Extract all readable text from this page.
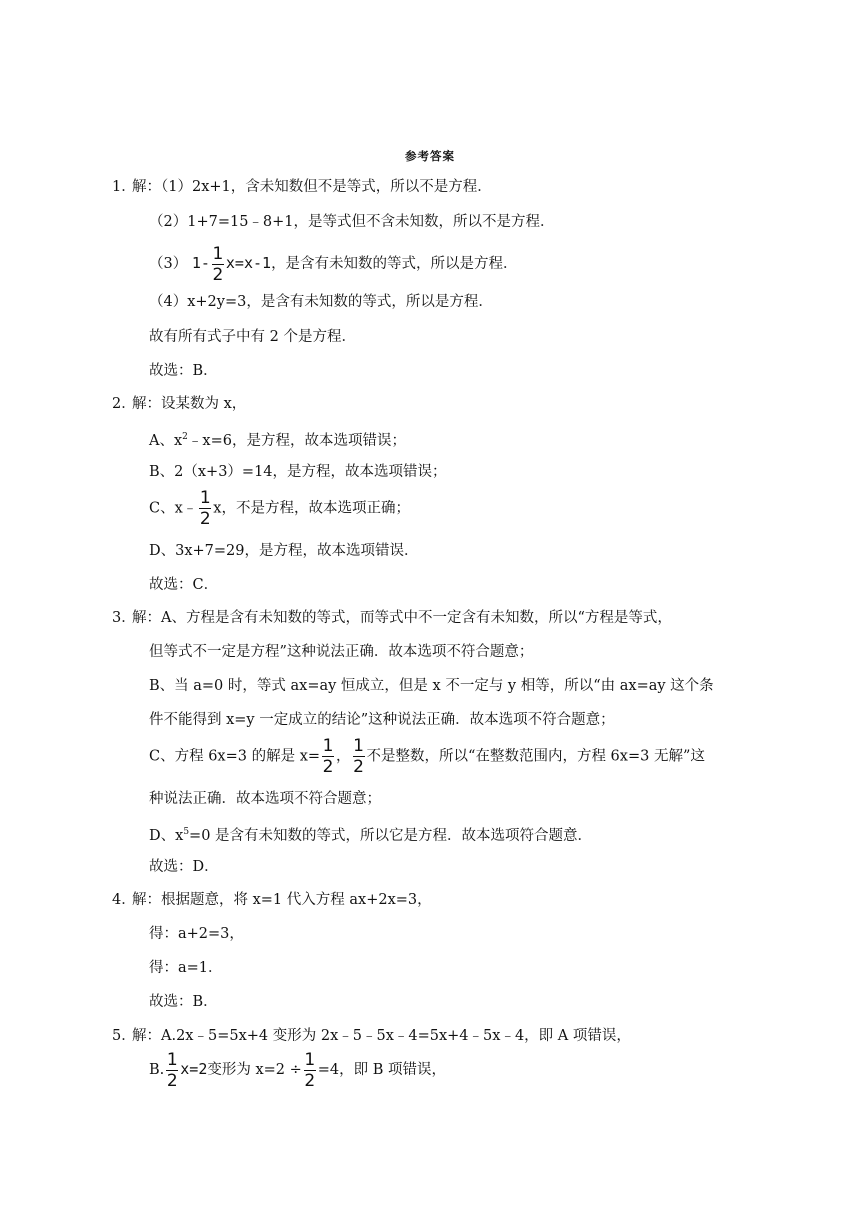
参考答案
1．
解：（1）2x+1，含未知数但不是等式，所以不是方程．
（2）1+7=15﹣8+1，是等式但不含未知数，所以不是方程．
（3） $1- \frac{1}{2} x=x-1$，是含有未知数的等式，所以是方程．
（4）x+2y=3，是含有未知数的等式，所以是方程．
故有所有式子中有 2 个是方程．
故选：B．
2．
解：设某数为 x，
A、$x^2﹣x=6$，是方程，故本选项错误；
B、2（x+3）=14，是方程，故本选项错误；
C、x﹣ $\frac{1}{2}$ x，不是方程，故本选项正确；
D、3x+7=29，是方程，故本选项错误．
故选：C．
3．
解：A、方程是含有未知数的等式，而等式中不一定含有未知数，所以“方程是等式，
但等式不一定是方程”这种说法正确．故本选项不符合题意；
B、当 a=0 时，等式 ax=ay 恒成立，但是 x 不一定与 y 相等，所以“由 ax=ay 这个条
件不能得到 x=y 一定成立的结论”这种说法正确．故本选项不符合题意；
C、方程 6x=3 的解是 $x= \frac{1}{2}$ ， $\frac{1}{2}$ 不是整数，所以“在整数范围内，方程 6x=3 无解”这
种说法正确．故本选项不符合题意；
D、$x^5=0$ 是含有未知数的等式，所以它是方程．故本选项符合题意．
故选：D．
4．
解：根据题意，将 x=1 代入方程 ax+2x=3，
得：a+2=3，
得：a=1．
故选：B．
5．
解：A.2x﹣5=5x+4 变形为 2x﹣5﹣5x﹣4=5x+4﹣5x﹣4，即 A 项错误，
B. $\frac{1}{2} x=2$变形为 $x=2 \div \frac{1}{2} =4$，即 B 项错误，
